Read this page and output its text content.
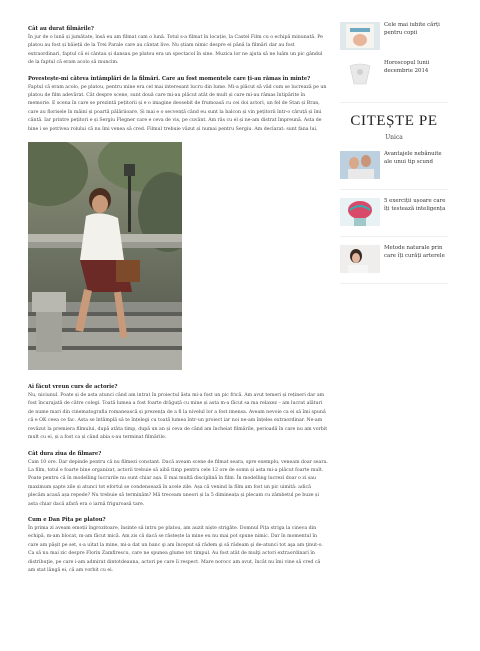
Cât au durat filmările?
În jur de o lună și jumătate, însă eu am filmat cam o lună. Totul s-a filmat în locație, la Castel Film cu o echipă minunată. Pe platou au fost și băieții de la Trei Parale care au cântat live. Nu știam nimic despre ei până la filmări dar au fost extraordinari, faptul că ei cântau și dansau pe platou era un spectacol în sine. Muzica lor ne ajuta să ne luăm un pic gândul de la faptul că eram acolo să muncim.
Povestește-mi câteva întâmplări de la filmări. Care au fost momentele care ți-au rămas în minte?
Faptul că eram acolo, pe platou, pentru mine era cel mai interesant lucru din lume. Mi-a plăcut să văd cum se lucrează pe un platou de film adevărat. Cât despre scene, sunt două care mi-au plăcut atât de mult și care mi-au rămas întipărite în memorie. E scena în care se prezintă pețitorii și e o imagine deosebit de frumoasă cu cei doi actori, un fel de Stan și Bran, care au florisele în mâini și poartă pălăriioare. Și mai e o secvență când eu sunt la balcon și vin pețitorii într-o căruță și îmi cântă. Iar printre pețitori e și Sergiu Flegner care e ceva de vis, pe cuvânt. Am râs cu el și ne-am distrat împreună. Asta de bine i se potrivea rolului că nu îmi venea să cred. Filmul trebuie văzut și numai pentru Sergiu. Am declarat: sunt fana lui.
Ai făcut vreun curs de actorie?
Nu, niciunul. Poate și de asta atunci când am intrat în proiectul ăsta mi-a fost un pic frică. Am avut temeri și rețineri dar am fost încurajată de către colegi. Toată lumea a fost foarte drăguță cu mine și asta m-a făcut sa ma relaxez – am lucrat alături de nume mari din cinematografia romanească și prezența de a fi la nivelul lor a fost imensa. Aveam nevoie ca ei să îmi spună că e OK ceea ce fac. Asta se întâmplă să te înțelegi cu toată lumea într-un proiect iar noi ne-am înțeles extraordinar. Ne-am revăzut la premiera filmului, după atâta timp, după un an și ceva de când am încheiat filmările, perioadă în care nu am vorbit mult cu ei, și a fost ca și când abia s-au terminat filmările.
Cât dura ziua de filmare?
Cam 10 ore. Dar depinde pentru că nu filmezi constant. Dacă aveam scene de filmat seara, spre exemplu, veneam doar seara. La film, totul e foarte bine organizat, actorii trebuie să aibă timp pentru cele 12 ore de somn și asta mi-a plăcut foarte mult. Poate pentru că în modelling lucrurile nu sunt chiar așa. E mai multă disciplină în film. În modelling lucrezi doar o zi sau maximum șapte zile și atunci tot efortul se condensează în acele zile. Așa că venind la film am fost un pic uimită: adică plecăm acasă așa repede? Nu trebuie să terminăm? Mă treceam uneori și la 5 dimineața și plecam cu zâmbetul pe buze și asta chiar dacă afară era o iarnă friguroasă tare.
Cum e Dan Pița pe platou?
În prima zi aveam emoții îngrozitoare, însinte să intru pe platou, am auzit niște strigăte. Domnul Pița striga la cineva din echipă, m-am blocat, m-am făcut mică. Am zis că dacă se răstește la mine eu nu mai pot spune nimic. Dar în momentul în care am păşit pe set, s-a uitat la mine, mi-a dat un banc şi am început să râdem şi să râdeam şi de-atunci tot aşa am ţinut-o. Ca să nu mai zic despre Florin Zamfirescu, care ne spunea glume tot timpul. Au fost atât de mulţi actori extraordinari în distribuţie, pe care i-am admirat dintotdeauna, actori pe care îi respect. Mare norocc am avut, încât nu îmi vine să cred că am stat lângă ei, că am vorbit cu ei.
Cele mai iubite cărți pentru copii
Horoscopul lunii decembrie 2014
CITEȘTE PE
Unica
Avantajele nebănuite ale unui tip scund
5 exerciții ușoare care îți testează inteligența
Metode naturale prin care îți curăți arterele
